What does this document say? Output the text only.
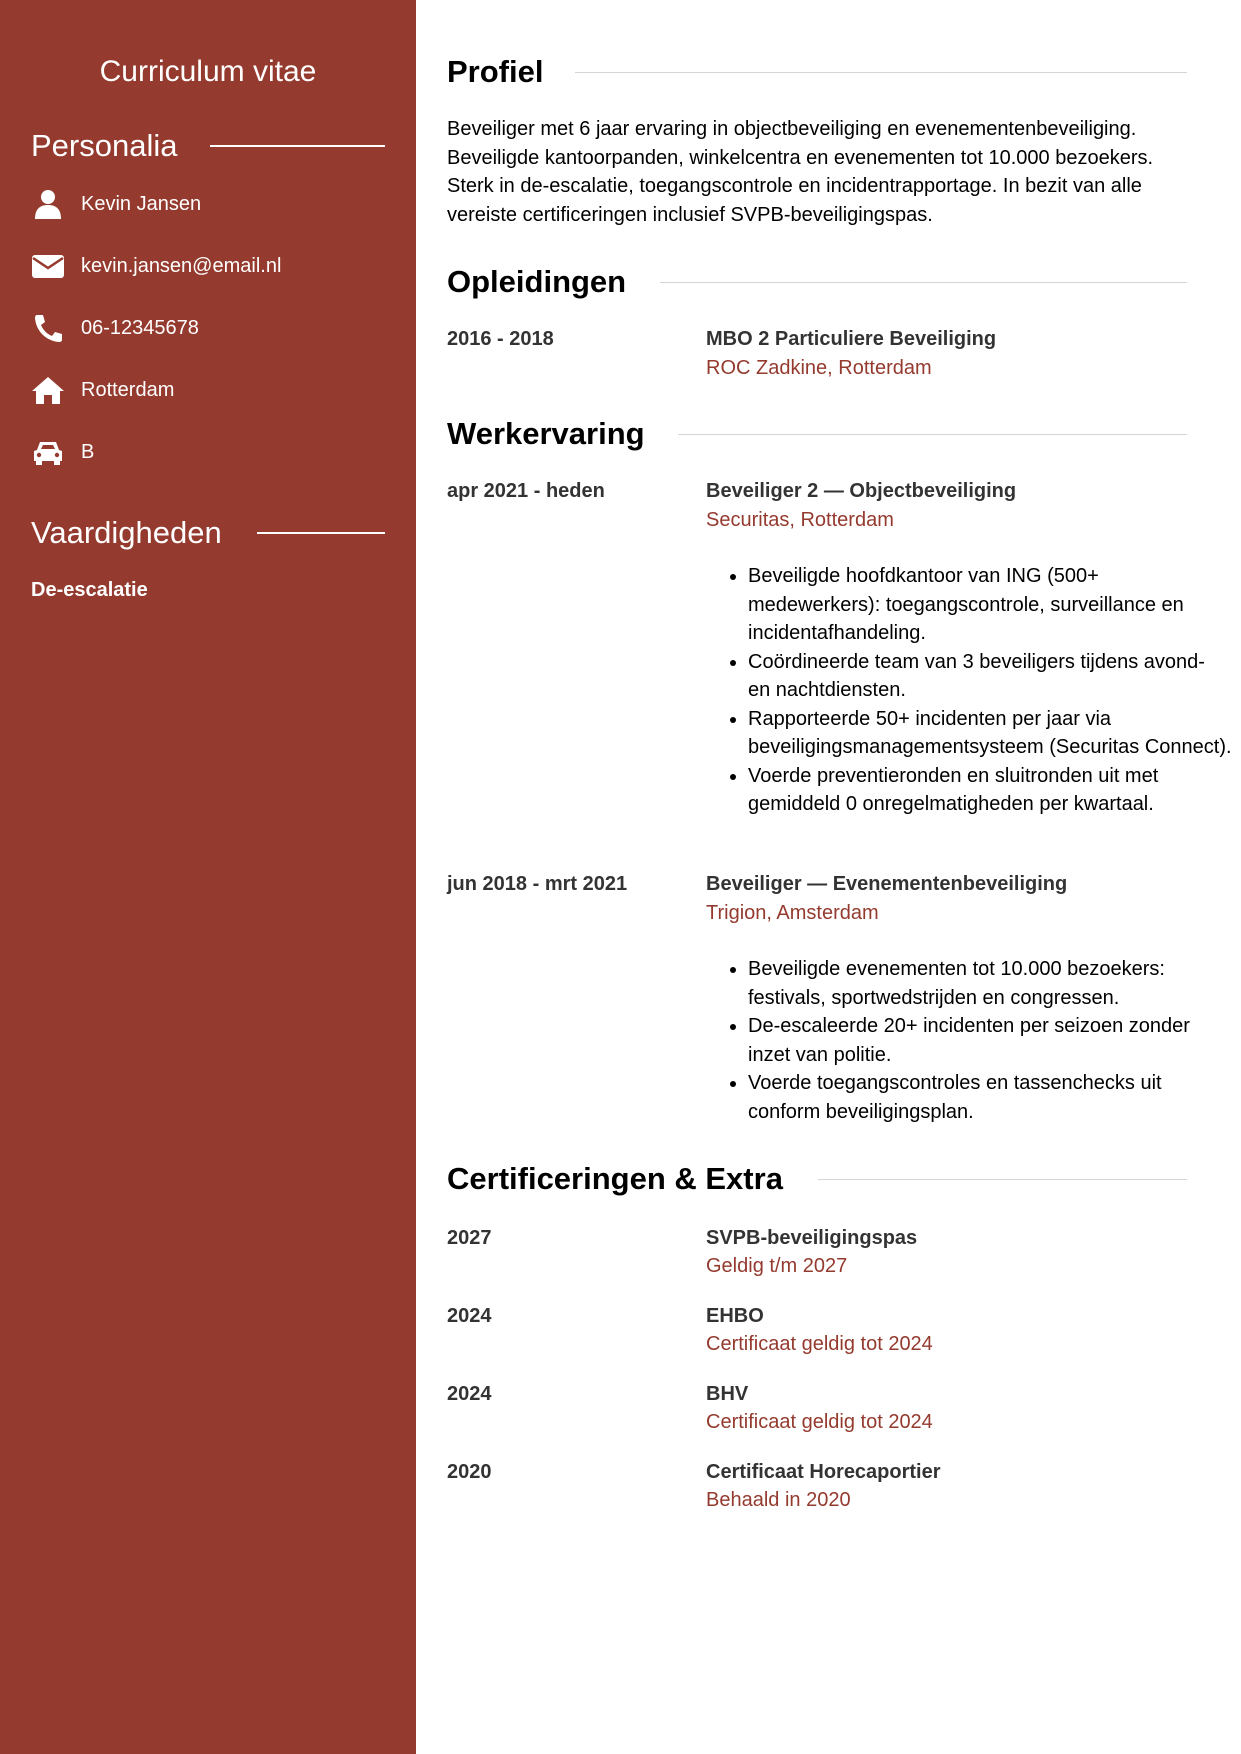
Curriculum vitae
Personalia
Kevin Jansen
kevin.jansen@email.nl
06-12345678
Rotterdam
B
Vaardigheden
De-escalatie
Profiel
Beveiliger met 6 jaar ervaring in objectbeveiliging en evenementenbeveiliging. Beveiligde kantoorpanden, winkelcentra en evenementen tot 10.000 bezoekers. Sterk in de-escalatie, toegangscontrole en incidentrapportage. In bezit van alle vereiste certificeringen inclusief SVPB-beveiligingspas.
Opleidingen
2016 - 2018	MBO 2 Particuliere Beveiliging
ROC Zadkine, Rotterdam
Werkervaring
apr 2021 - heden	Beveiliger 2 — Objectbeveiliging
Securitas, Rotterdam
• Beveiligde hoofdkantoor van ING (500+ medewerkers): toegangscontrole, surveillance en incidentafhandeling.
• Coördineerde team van 3 beveiligers tijdens avond- en nachtdiensten.
• Rapporteerde 50+ incidenten per jaar via beveiligingsmanagementsysteem (Securitas Connect).
• Voerde preventieronden en sluitronden uit met gemiddeld 0 onregelmatigheden per kwartaal.
jun 2018 - mrt 2021	Beveiliger — Evenementenbeveiliging
Trigion, Amsterdam
• Beveiligde evenementen tot 10.000 bezoekers: festivals, sportwedstrijden en congressen.
• De-escaleerde 20+ incidenten per seizoen zonder inzet van politie.
• Voerde toegangscontroles en tassenchecks uit conform beveiligingsplan.
Certificeringen & Extra
2027	SVPB-beveiligingspas
Geldig t/m 2027
2024	EHBO
Certificaat geldig tot 2024
2024	BHV
Certificaat geldig tot 2024
2020	Certificaat Horecaportier
Behaald in 2020
